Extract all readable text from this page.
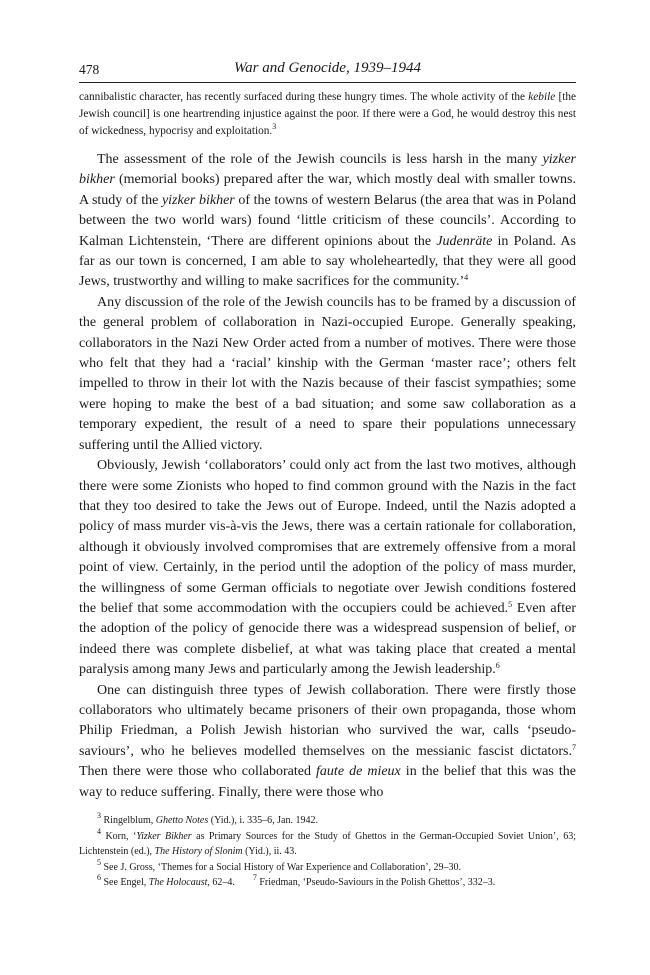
478	War and Genocide, 1939–1944
cannibalistic character, has recently surfaced during these hungry times. The whole activity of the kebile [the Jewish council] is one heartrending injustice against the poor. If there were a God, he would destroy this nest of wickedness, hypocrisy and exploitation.$^3$

The assessment of the role of the Jewish councils is less harsh in the many yizker bikher (memorial books) prepared after the war, which mostly deal with smaller towns. A study of the yizker bikher of the towns of western Belarus (the area that was in Poland between the two world wars) found ‘little criticism of these councils’. According to Kalman Lichtenstein, ‘There are different opinions about the Judenräte in Poland. As far as our town is concerned, I am able to say wholeheartedly, that they were all good Jews, trustworthy and willing to make sacrifices for the community.’$^4$

Any discussion of the role of the Jewish councils has to be framed by a discussion of the general problem of collaboration in Nazi-occupied Europe. Generally speaking, collaborators in the Nazi New Order acted from a number of motives. There were those who felt that they had a ‘racial’ kinship with the German ‘master race’; others felt impelled to throw in their lot with the Nazis because of their fascist sympathies; some were hoping to make the best of a bad situation; and some saw collaboration as a temporary expedient, the result of a need to spare their populations unnecessary suffering until the Allied victory.

Obviously, Jewish ‘collaborators’ could only act from the last two motives, although there were some Zionists who hoped to find common ground with the Nazis in the fact that they too desired to take the Jews out of Europe. Indeed, until the Nazis adopted a policy of mass murder vis-à-vis the Jews, there was a certain rationale for collaboration, although it obviously involved compromises that are extremely offensive from a moral point of view. Certainly, in the period until the adoption of the policy of mass murder, the willingness of some German officials to negotiate over Jewish conditions fostered the belief that some accommodation with the occupiers could be achieved.$^5$ Even after the adoption of the policy of genocide there was a widespread suspension of belief, or indeed there was complete disbelief, at what was taking place that created a mental paralysis among many Jews and particularly among the Jewish leadership.$^6$

One can distinguish three types of Jewish collaboration. There were firstly those collaborators who ultimately became prisoners of their own propaganda, those whom Philip Friedman, a Polish Jewish historian who survived the war, calls ‘pseudo-saviours’, who he believes modelled themselves on the messianic fascist dictators.$^7$ Then there were those who collaborated faute de mieux in the belief that this was the way to reduce suffering. Finally, there were those who

$^3$ Ringelblum, Ghetto Notes (Yid.), i. 335–6, Jan. 1942.

$^4$ Korn, ‘Yizker Bikher as Primary Sources for the Study of Ghettos in the German-Occupied Soviet Union’, 63; Lichtenstein (ed.), The History of Slonim (Yid.), ii. 43.

$^5$ See J. Gross, ‘Themes for a Social History of War Experience and Collaboration’, 29–30.

$^6$ See Engel, The Holocaust, 62–4. $^7$ Friedman, ‘Pseudo-Saviours in the Polish Ghettos’, 332–3.
